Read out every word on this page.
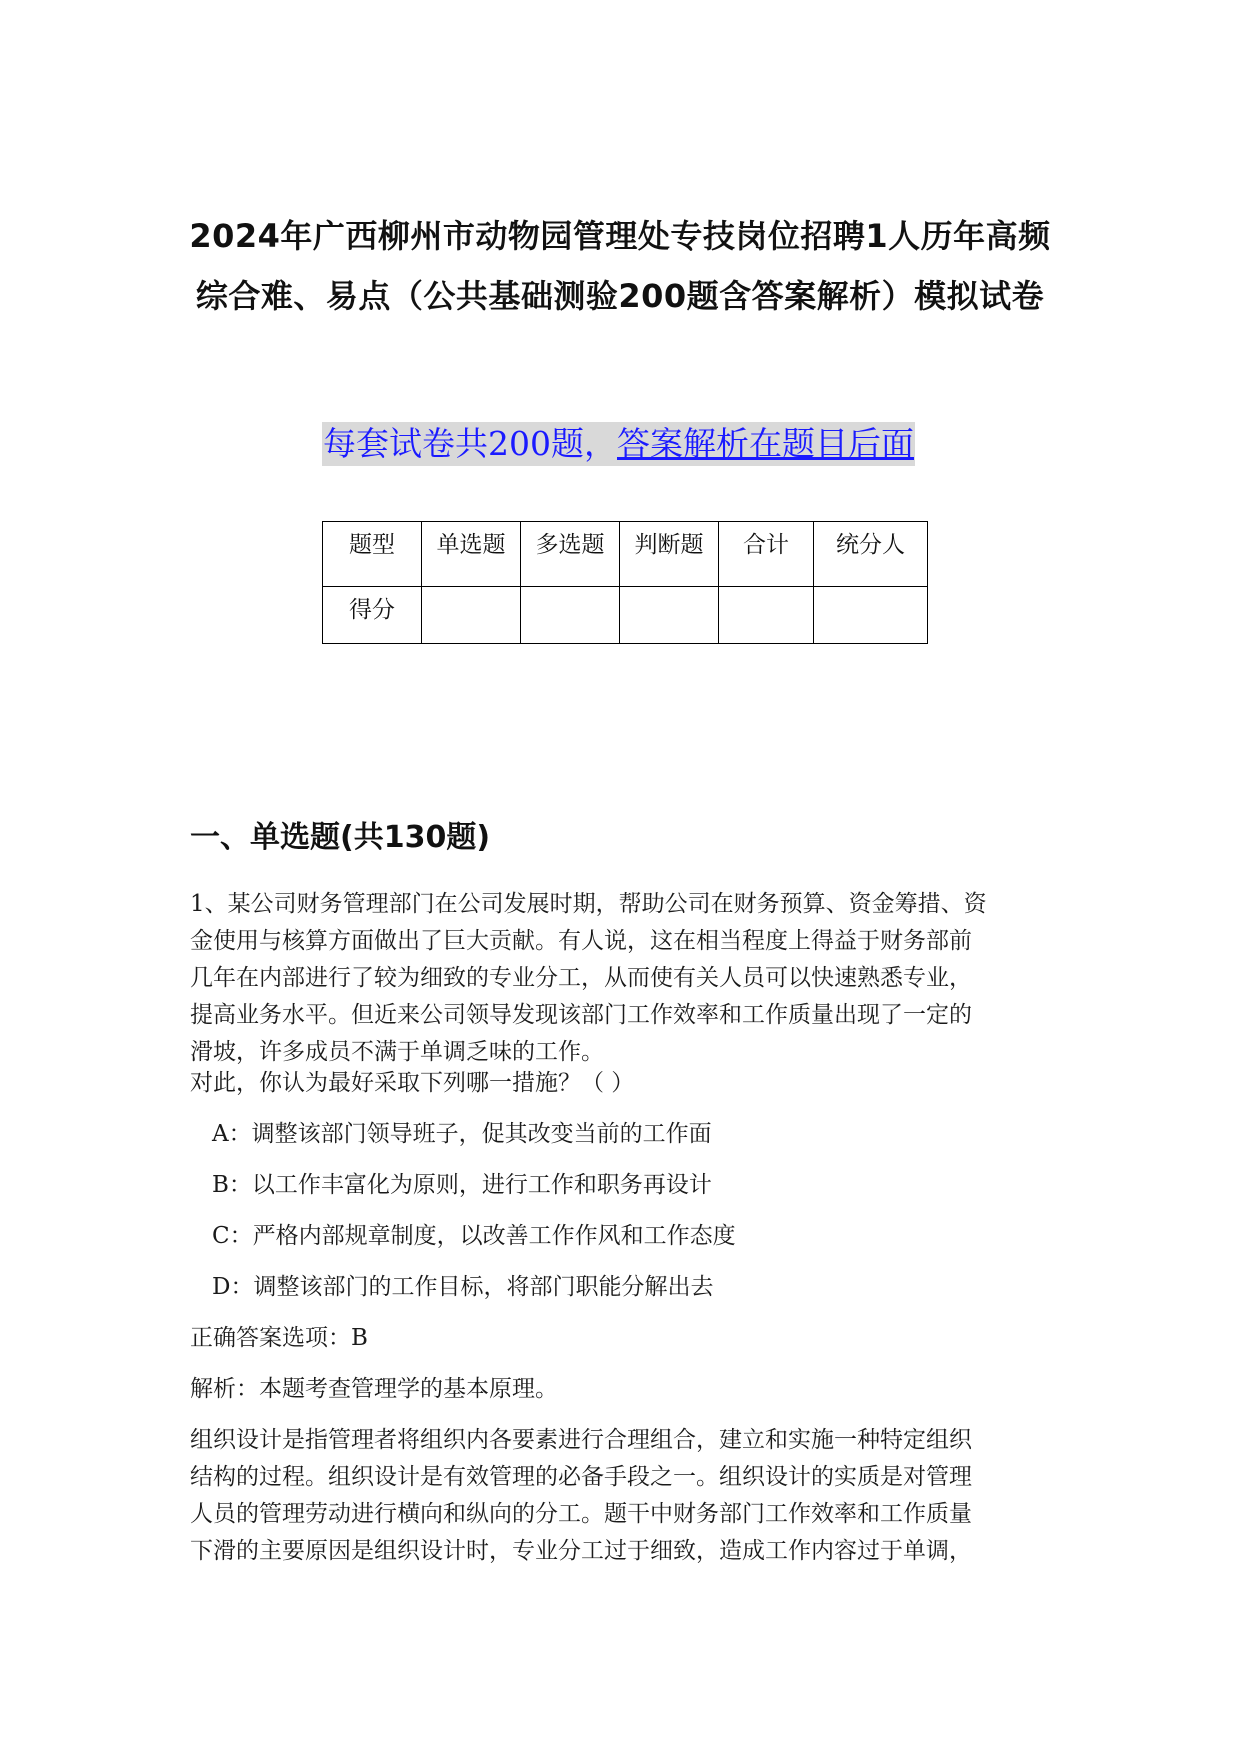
2024年广西柳州市动物园管理处专技岗位招聘1人历年高频
综合难、易点（公共基础测验200题含答案解析）模拟试卷
每套试卷共200题，答案解析在题目后面
题型	单选题	多选题	判断题	合计	统分人
得分					
一、单选题(共130题)
1、某公司财务管理部门在公司发展时期，帮助公司在财务预算、资金筹措、资
金使用与核算方面做出了巨大贡献。有人说，这在相当程度上得益于财务部前
几年在内部进行了较为细致的专业分工，从而使有关人员可以快速熟悉专业，
提高业务水平。但近来公司领导发现该部门工作效率和工作质量出现了一定的
滑坡，许多成员不满于单调乏味的工作。
对此，你认为最好采取下列哪一措施？（ ）
A：调整该部门领导班子，促其改变当前的工作面
B：以工作丰富化为原则，进行工作和职务再设计
C：严格内部规章制度，以改善工作作风和工作态度
D：调整该部门的工作目标，将部门职能分解出去
正确答案选项：B
解析：本题考查管理学的基本原理。
组织设计是指管理者将组织内各要素进行合理组合，建立和实施一种特定组织
结构的过程。组织设计是有效管理的必备手段之一。组织设计的实质是对管理
人员的管理劳动进行横向和纵向的分工。题干中财务部门工作效率和工作质量
下滑的主要原因是组织设计时，专业分工过于细致，造成工作内容过于单调，
